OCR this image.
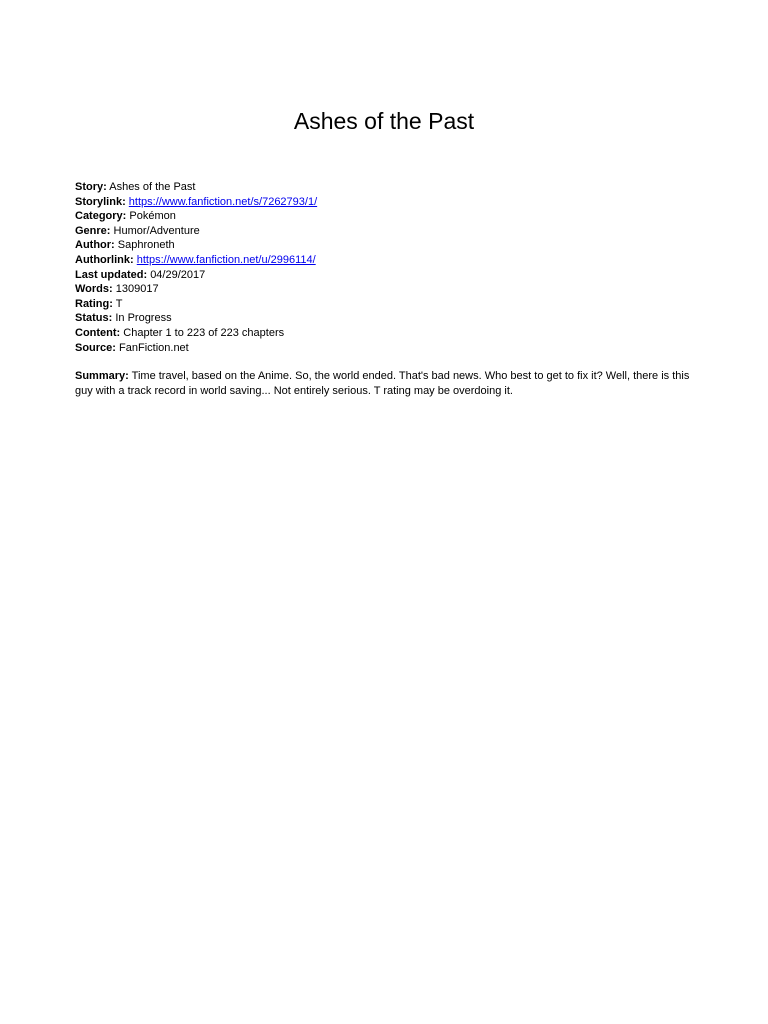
Ashes of the Past
Story: Ashes of the Past
Storylink: https://www.fanfiction.net/s/7262793/1/
Category: Pokémon
Genre: Humor/Adventure
Author: Saphroneth
Authorlink: https://www.fanfiction.net/u/2996114/
Last updated: 04/29/2017
Words: 1309017
Rating: T
Status: In Progress
Content: Chapter 1 to 223 of 223 chapters
Source: FanFiction.net
Summary: Time travel, based on the Anime. So, the world ended. That's bad news. Who best to get to fix it? Well, there is this guy with a track record in world saving... Not entirely serious. T rating may be overdoing it.
